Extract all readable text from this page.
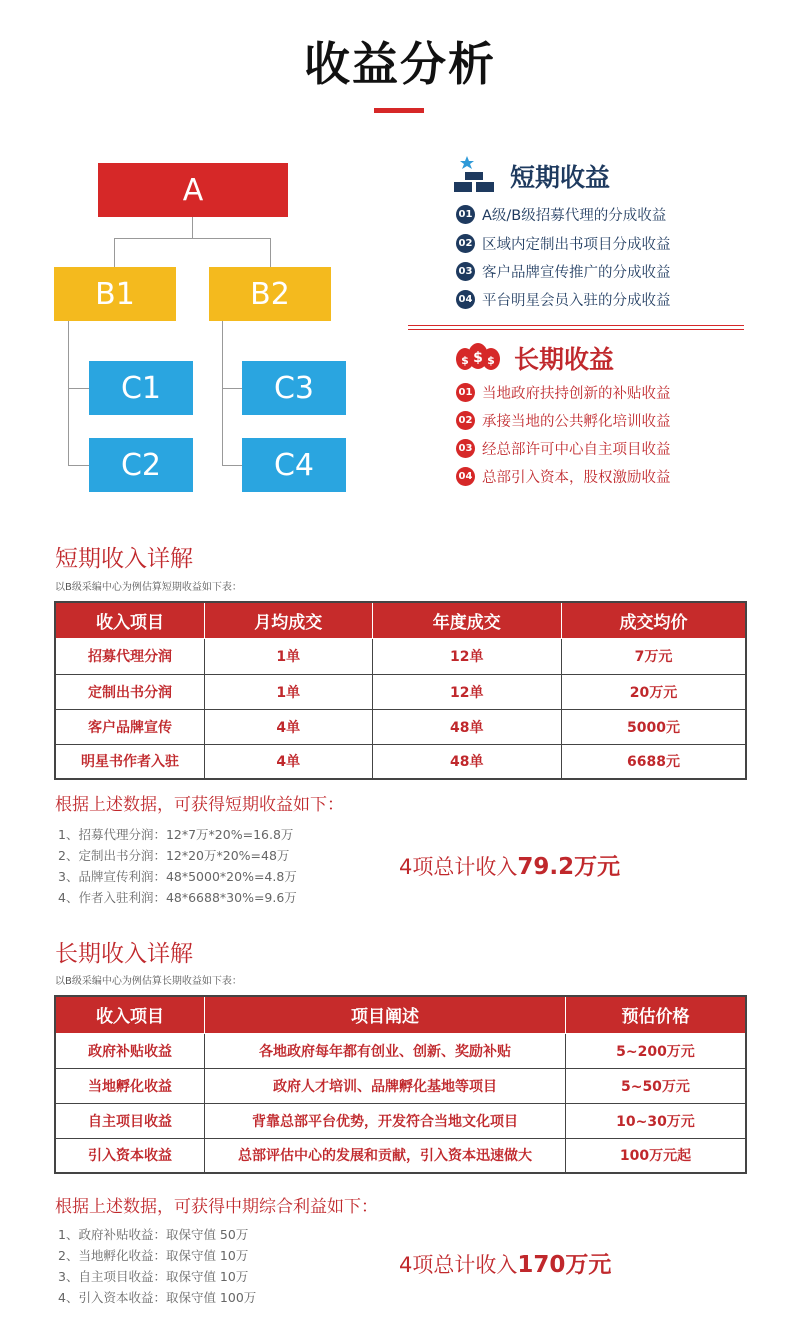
收益分析
A
B1	B2
C1
C2
C3
C4
短期收益
01 A级/B级招募代理的分成收益
02 区域内定制出书项目分成收益
03 客户品牌宣传推广的分成收益
04 平台明星会员入驻的分成收益
$
$ $ 长期收益
01 当地政府扶持创新的补贴收益
02 承接当地的公共孵化培训收益
03 经总部许可中心自主项目收益
04 总部引入资本，股权激励收益
短期收入详解
以B级采编中心为例估算短期收益如下表：
收入项目	月均成交	年度成交	成交均价
招募代理分润	1单	12单	7万元
定制出书分润	1单	12单	20万元
客户品牌宣传	4单	48单	5000元
明星书作者入驻	4单	48单	6688元
根据上述数据，可获得短期收益如下：
1、招募代理分润：12*7万*20%=16.8万
2、定制出书分润：12*20万*20%=48万
3、品牌宣传利润：48*5000*20%=4.8万
4、作者入驻利润：48*6688*30%=9.6万
4项总计收入79.2万元
长期收入详解
以B级采编中心为例估算长期收益如下表：
收入项目	项目阐述	预估价格
政府补贴收益	各地政府每年都有创业、创新、奖励补贴	5~200万元
当地孵化收益	政府人才培训、品牌孵化基地等项目	5~50万元
自主项目收益	背靠总部平台优势，开发符合当地文化项目	10~30万元
引入资本收益	总部评估中心的发展和贡献，引入资本迅速做大	100万元起
根据上述数据，可获得中期综合利益如下：
1、政府补贴收益：取保守值 50万
2、当地孵化收益：取保守值 10万
3、自主项目收益：取保守值 10万
4、引入资本收益：取保守值 100万
4项总计收入170万元
